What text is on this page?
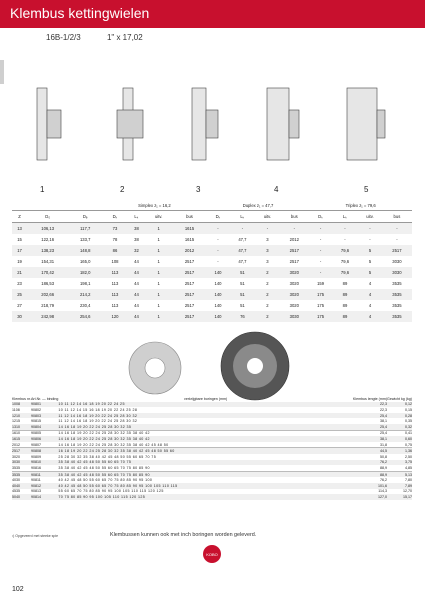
Klembus kettingwielen
16B-1/2/3	1" x 17,02
1	2	3	4	5
			Simplex z₁ = 16,2				Duplex z₁ = 47,7				Triplex z₁ = 79,6			
Z	D₀	Dₑ	Dₖ	Lₖ	uitv.	bus	Dₖ	Lₖ	uitv.	bus	Dₖ	Lₖ	uitv.	bus
13	106,13	117,7	73	38	1	1615	-	-	-	-	-	-	-	-
15	122,16	133,7	78	38	1	1615	-	47,7	3	2012	-	-	-	-
17	138,23	148,8	86	32	1	2012	-	47,7	3	2517	-	79,6	5	2517
19	154,31	165,0	108	44	1	2517	-	47,7	3	2517	-	79,6	5	3030
21	170,42	182,0	113	44	1	2517	140	51	2	3020	-	79,6	5	3030
23	186,53	198,1	113	44	1	2517	140	51	2	3020	159	89	4	3535
25	202,66	214,2	113	44	1	2517	140	51	2	3020	175	89	4	3535
27	218,79	230,4	113	44	1	2517	140	51	2	3020	175	89	4	3535
30	242,98	254,6	120	44	1	2517	140	76	2	3030	175	89	4	3535
Klembus nr.	Art.Nr. — binding	verkrijgbare boringen (mm)	Klembus lengte (mm)	Gewicht kg (kg)
1008	90801	10 11 12 14 16 18 19 20 22 24 25	22,3	0,12
1108	90802	10 11 12 14 15 16 18 19 20 22 24 25 28	22,3	0,15
1210	90803	11 12 14 16 18 19 20 22 24 25 28 30 32	25,4	0,28
1215	90815	11 12 14 16 18 19 20 22 24 25 28 30 32	38,1	0,35
1310	90804	14 16 18 19 20 22 24 25 28 30 32 35	25,4	0,32
1610	90805	14 16 18 19 20 22 24 25 28 30 32 35 38 40 42	25,4	0,41
1615	90806	14 16 18 19 20 22 24 25 28 30 32 35 38 40 42	38,1	0,60
2012	90807	14 16 18 19 20 22 24 25 28 30 32 35 38 40 42 45 48 50	31,8	0,75
2517	90808	16 18 19 20 22 24 25 28 30 32 35 38 40 42 45 48 50 55 60	44,5	1,36
3020	90809	25 28 30 32 35 38 40 42 45 48 50 55 60 65 70 75	50,8	2,50
3030	90810	35 38 40 42 45 48 50 55 60 65 70 75	76,2	3,75
3535	90816	35 38 40 42 45 48 50 55 60 65 70 75 80 85 90	88,9	4,85
3535	90811	35 38 40 42 45 48 50 55 60 65 70 75 80 85 90	88,9	5,13
4030	90811	40 42 45 48 50 55 60 65 70 75 80 85 90 95 100	76,2	7,80
4040	90812	40 42 45 48 50 55 60 65 70 75 80 85 90 95 100 105 110 115	101,6	7,89
4535	90813	55 60 65 70 75 80 85 90 95 100 105 110 115 120 125	114,3	12,70
5040	90814	70 75 80 85 90 95 100 105 110 115 120 125	127,0	15,17
¹) Opgeveerd met steeke spie	Klembussen kunnen ook met inch boringen worden geleverd.
KOBO
102
